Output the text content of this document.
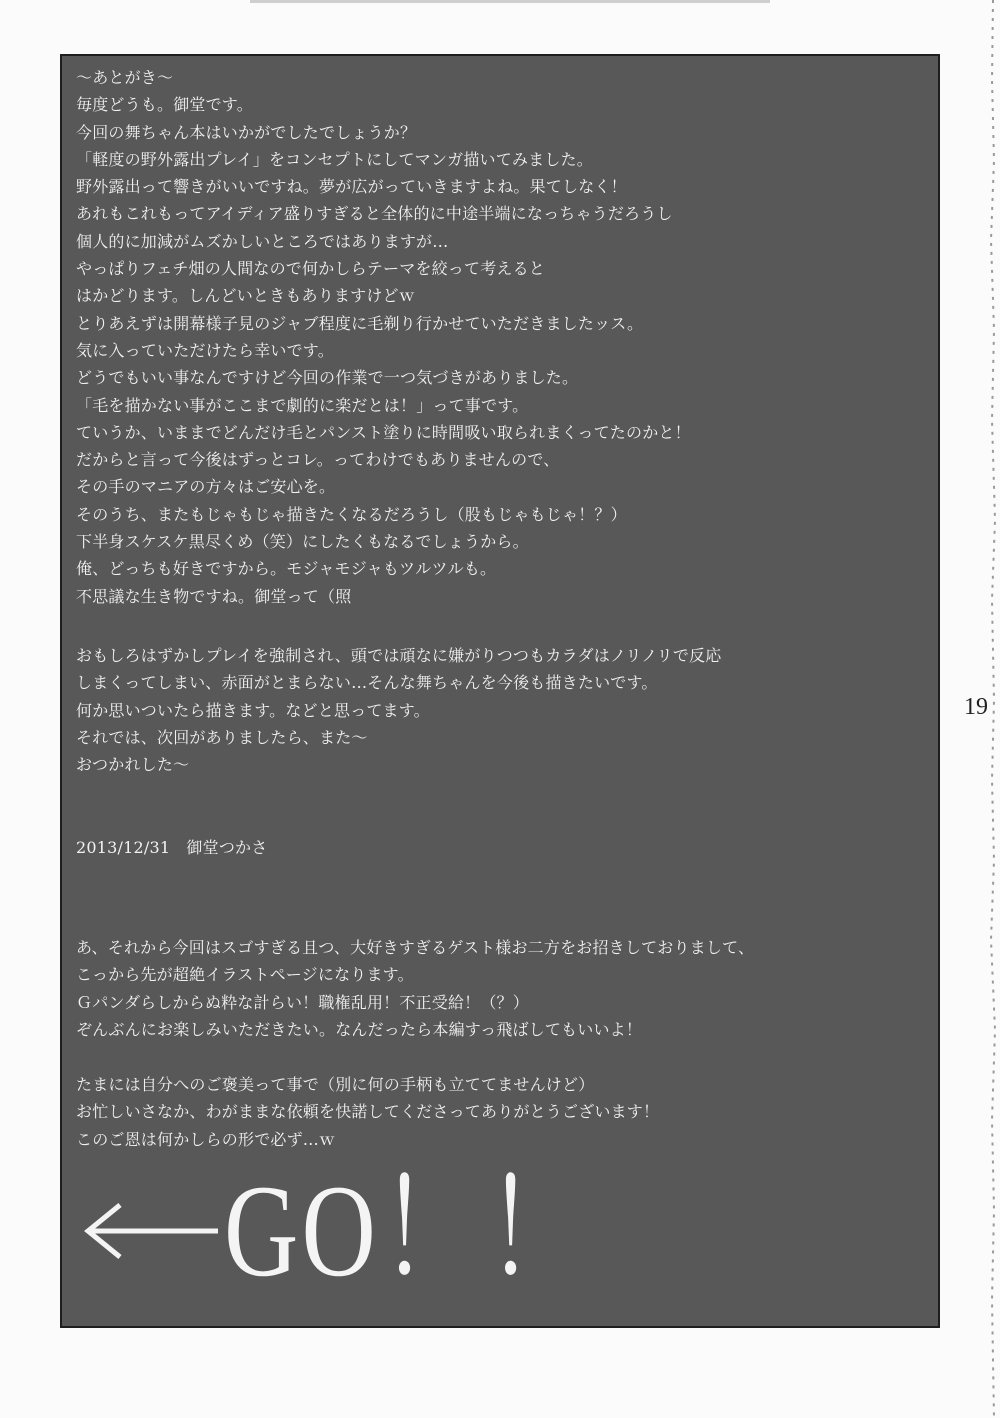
～あとがき～
毎度どうも。御堂です。
今回の舞ちゃん本はいかがでしたでしょうか？
「軽度の野外露出プレイ」をコンセプトにしてマンガ描いてみました。
野外露出って響きがいいですね。夢が広がっていきますよね。果てしなく！
あれもこれもってアイディア盛りすぎると全体的に中途半端になっちゃうだろうし
個人的に加減がムズかしいところではありますが…
やっぱりフェチ畑の人間なので何かしらテーマを絞って考えると
はかどります。しんどいときもありますけどｗ
とりあえずは開幕様子見のジャブ程度に毛剃り行かせていただきましたッス。
気に入っていただけたら幸いです。
どうでもいい事なんですけど今回の作業で一つ気づきがありました。
「毛を描かない事がここまで劇的に楽だとは！」って事です。
ていうか、いままでどんだけ毛とパンスト塗りに時間吸い取られまくってたのかと！
だからと言って今後はずっとコレ。ってわけでもありませんので、
その手のマニアの方々はご安心を。
そのうち、またもじゃもじゃ描きたくなるだろうし（股もじゃもじゃ！？）
下半身スケスケ黒尽くめ（笑）にしたくもなるでしょうから。
俺、どっちも好きですから。モジャモジャもツルツルも。
不思議な生き物ですね。御堂って（照
おもしろはずかしプレイを強制され、頭では頑なに嫌がりつつもカラダはノリノリで反応
しまくってしまい、赤面がとまらない…そんな舞ちゃんを今後も描きたいです。
何か思いついたら描きます。などと思ってます。
それでは、次回がありましたら、また～
おつかれした～
2013/12/31　御堂つかさ
あ、それから今回はスゴすぎる且つ、大好きすぎるゲスト様お二方をお招きしておりまして、
こっから先が超絶イラストページになります。
Ｇパンダらしからぬ粋な計らい！職権乱用！不正受給！（？）
ぞんぶんにお楽しみいただきたい。なんだったら本編すっ飛ばしてもいいよ！
たまには自分へのご褒美って事で（別に何の手柄も立ててませんけど）
お忙しいさなか、わがままな依頼を快諾してくださってありがとうございます！
このご恩は何かしらの形で必ず…ｗ
GO！！
19
